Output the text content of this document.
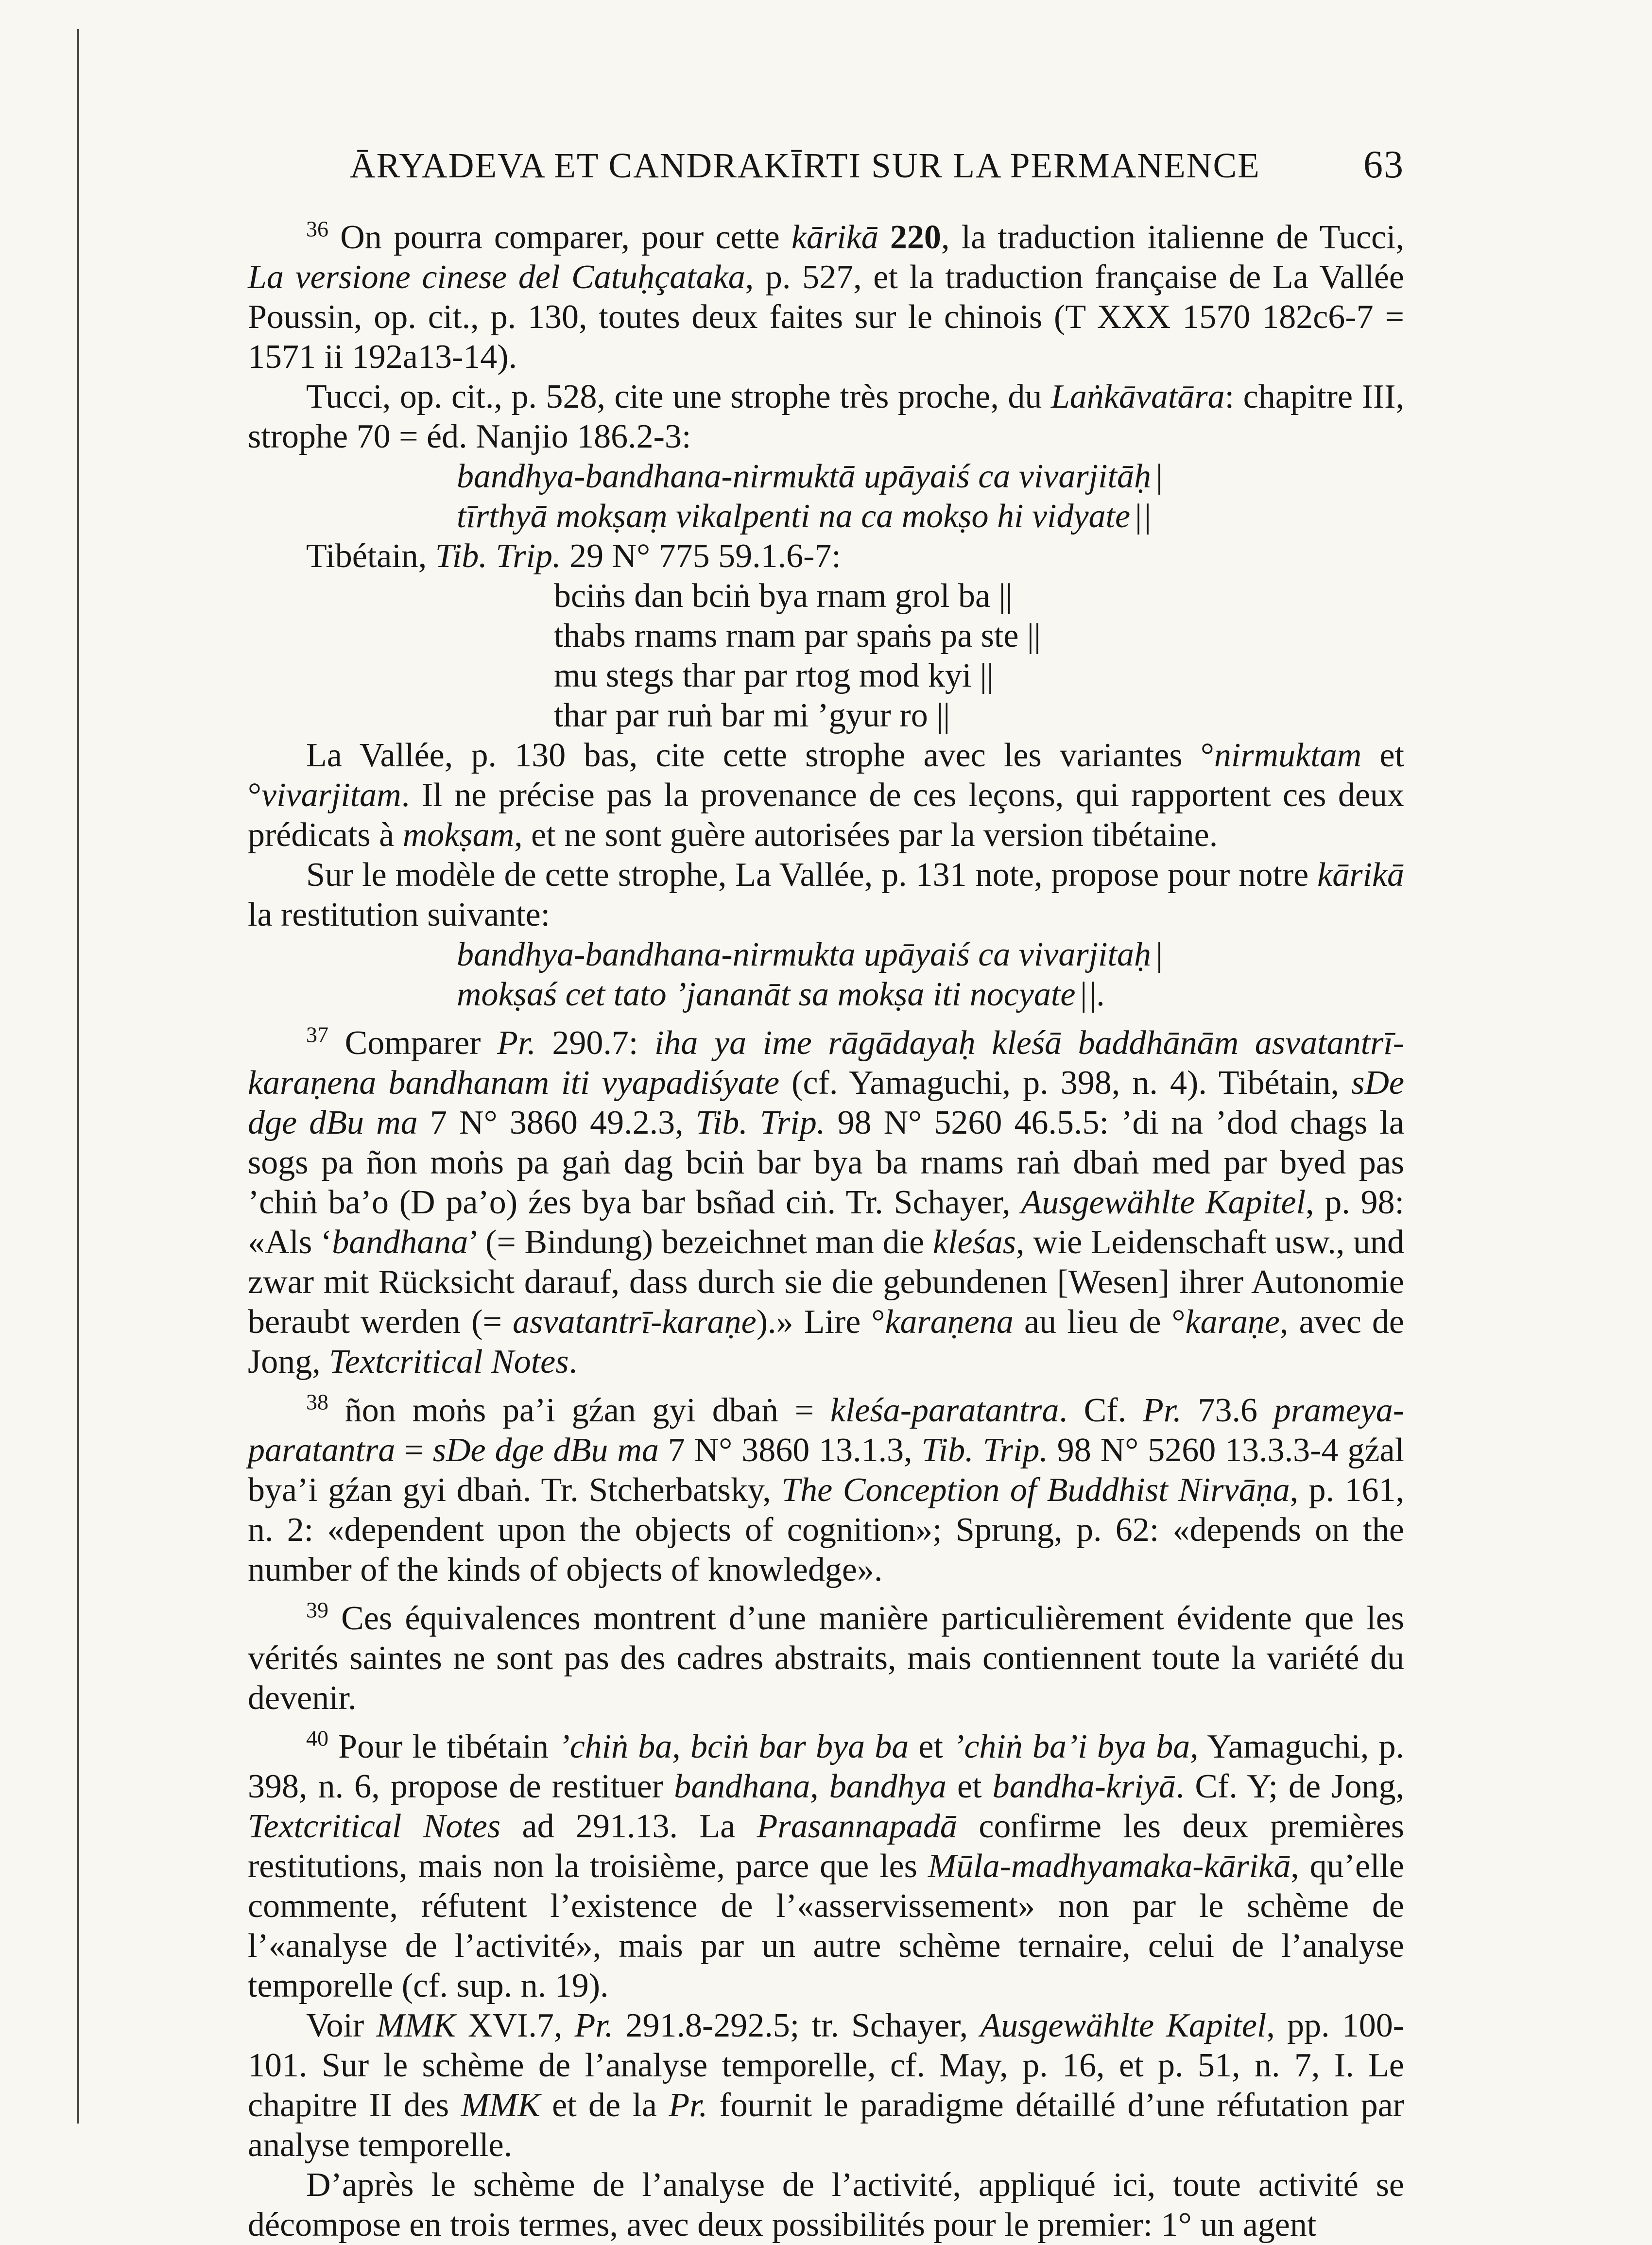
ĀRYADEVA ET CANDRAKĪRTI SUR LA PERMANENCE	63

$^{36}$ On pourra comparer, pour cette kārikā 220, la traduction italienne de Tucci, La versione cinese del Catuḥçataka, p. 527, et la traduction française de La Vallée Poussin, op. cit., p. 130, toutes deux faites sur le chinois (T XXX 1570 182c6-7 = 1571 ii 192a13-14).

Tucci, op. cit., p. 528, cite une strophe très proche, du Laṅkāvatāra: chapitre III, strophe 70 = éd. Nanjio 186.2-3:

bandhya-bandhana-nirmuktā upāyaiś ca vivarjitāḥ|

tīrthyā mokṣaṃ vikalpenti na ca mokṣo hi vidyate||

Tibétain, Tib. Trip. 29 N° 775 59.1.6-7:

bciṅs dan bciṅ bya rnam grol ba ||

thabs rnams rnam par spaṅs pa ste ||

mu stegs thar par rtog mod kyi ||

thar par ruṅ bar mi ’gyur ro ||

La Vallée, p. 130 bas, cite cette strophe avec les variantes °nirmuktam et °vivarjitam. Il ne précise pas la provenance de ces leçons, qui rapportent ces deux prédicats à mokṣam, et ne sont guère autorisées par la version tibétaine.

Sur le modèle de cette strophe, La Vallée, p. 131 note, propose pour notre kārikā la restitution suivante:

bandhya-bandhana-nirmukta upāyaiś ca vivarjitaḥ|

mokṣaś cet tato ’jananāt sa mokṣa iti nocyate||.

$^{37}$ Comparer Pr. 290.7: iha ya ime rāgādayaḥ kleśā baddhānām asvatantrī-karaṇena bandhanam iti vyapadiśyate (cf. Yamaguchi, p. 398, n. 4). Tibétain, sDe dge dBu ma 7 N° 3860 49.2.3, Tib. Trip. 98 N° 5260 46.5.5: ’di na ’dod chags la sogs pa ñon moṅs pa gaṅ dag bciṅ bar bya ba rnams raṅ dbaṅ med par byed pas ’chiṅ ba’o (D pa’o) źes bya bar bsñad ciṅ. Tr. Schayer, Ausgewählte Kapitel, p. 98: «Als ‘bandhana’ (= Bindung) bezeichnet man die kleśas, wie Leidenschaft usw., und zwar mit Rücksicht darauf, dass durch sie die gebundenen [Wesen] ihrer Autonomie beraubt werden (= asvatantrī-karaṇe).» Lire °karaṇena au lieu de °karaṇe, avec de Jong, Textcritical Notes.

$^{38}$ ñon moṅs pa’i gźan gyi dbaṅ = kleśa-paratantra. Cf. Pr. 73.6 prameya-paratantra = sDe dge dBu ma 7 N° 3860 13.1.3, Tib. Trip. 98 N° 5260 13.3.3-4 gźal bya’i gźan gyi dbaṅ. Tr. Stcherbatsky, The Conception of Buddhist Nirvāṇa, p. 161, n. 2: «dependent upon the objects of cognition»; Sprung, p. 62: «depends on the number of the kinds of objects of knowledge».

$^{39}$ Ces équivalences montrent d’une manière particulièrement évidente que les vérités saintes ne sont pas des cadres abstraits, mais contiennent toute la variété du devenir.

$^{40}$ Pour le tibétain ’chiṅ ba, bciṅ bar bya ba et ’chiṅ ba’i bya ba, Yamaguchi, p. 398, n. 6, propose de restituer bandhana, bandhya et bandha-kriyā. Cf. Y; de Jong, Textcritical Notes ad 291.13. La Prasannapadā confirme les deux premières restitutions, mais non la troisième, parce que les Mūla-madhyamaka-kārikā, qu’elle commente, réfutent l’existence de l’«asservissement» non par le schème de l’«analyse de l’activité», mais par un autre schème ternaire, celui de l’analyse temporelle (cf. sup. n. 19).

Voir MMK XVI.7, Pr. 291.8-292.5; tr. Schayer, Ausgewählte Kapitel, pp. 100-101. Sur le schème de l’analyse temporelle, cf. May, p. 16, et p. 51, n. 7, I. Le chapitre II des MMK et de la Pr. fournit le paradigme détaillé d’une réfutation par analyse temporelle.

D’après le schème de l’analyse de l’activité, appliqué ici, toute activité se décompose en trois termes, avec deux possibilités pour le premier: 1° un agent
